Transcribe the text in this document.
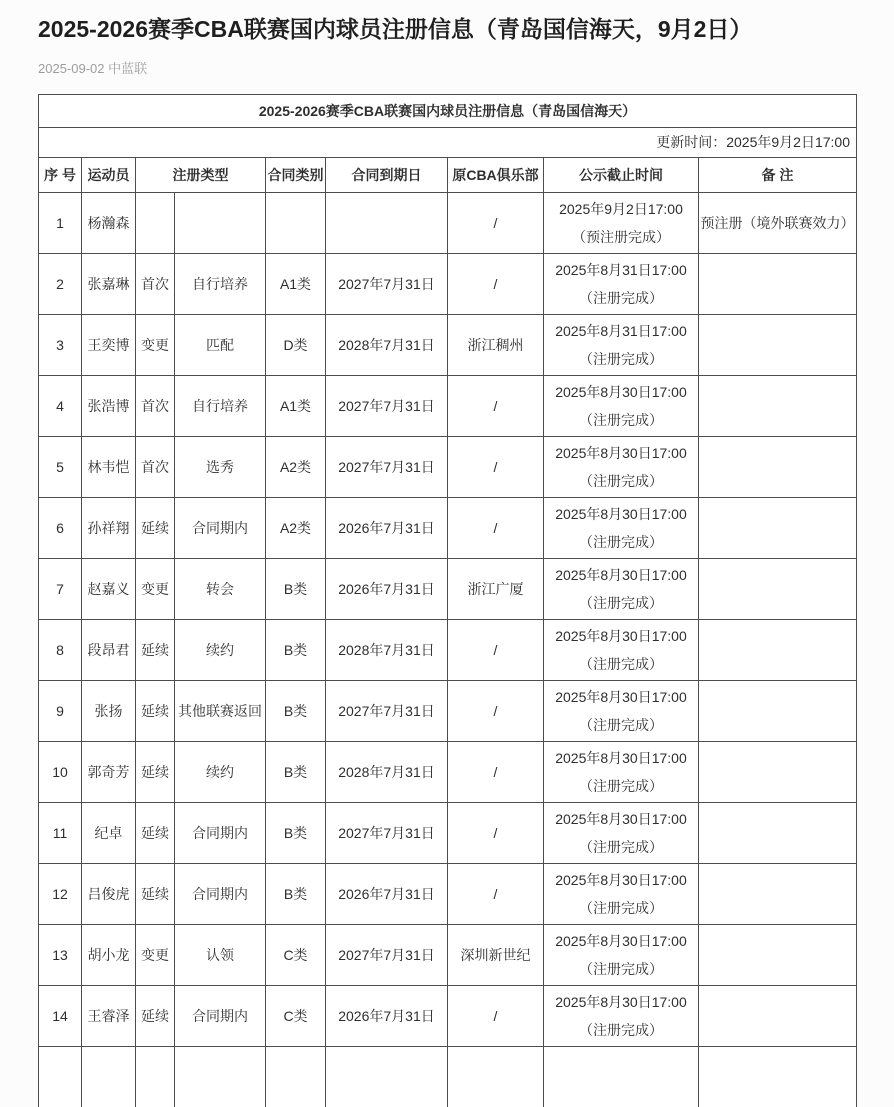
2025-2026赛季CBA联赛国内球员注册信息（青岛国信海天，9月2日）
2025-09-02 中蓝联
2025-2026赛季CBA联赛国内球员注册信息（青岛国信海天）								
更新时间：2025年9月2日17:00								
序 号	运动员	注册类型		合同类别	合同到期日	原CBA俱乐部	公示截止时间	备 注
1	杨瀚森					/	2025年9月2日17:00
（预注册完成）	预注册（境外联赛效力）
2	张嘉琳	首次	自行培养	A1类	2027年7月31日	/	2025年8月31日17:00
（注册完成）	

3	王奕博	变更	匹配	D类	2028年7月31日	浙江稠州	2025年8月31日17:00
（注册完成）	

4	张浩博	首次	自行培养	A1类	2027年7月31日	/	2025年8月30日17:00
（注册完成）	

5	林韦恺	首次	选秀	A2类	2027年7月31日	/	2025年8月30日17:00
（注册完成）	

6	孙祥翔	延续	合同期内	A2类	2026年7月31日	/	2025年8月30日17:00
（注册完成）	

7	赵嘉义	变更	转会	B类	2026年7月31日	浙江广厦	2025年8月30日17:00
（注册完成）	

8	段昂君	延续	续约	B类	2028年7月31日	/	2025年8月30日17:00
（注册完成）	

9	张扬	延续	其他联赛返回	B类	2027年7月31日	/	2025年8月30日17:00
（注册完成）	

10	郭奇芳	延续	续约	B类	2028年7月31日	/	2025年8月30日17:00
（注册完成）	

11	纪卓	延续	合同期内	B类	2027年7月31日	/	2025年8月30日17:00
（注册完成）	

12	吕俊虎	延续	合同期内	B类	2026年7月31日	/	2025年8月30日17:00
（注册完成）	

13	胡小龙	变更	认领	C类	2027年7月31日	深圳新世纪	2025年8月30日17:00
（注册完成）	

14	王睿泽	延续	合同期内	C类	2026年7月31日	/	2025年8月30日17:00
（注册完成）	
